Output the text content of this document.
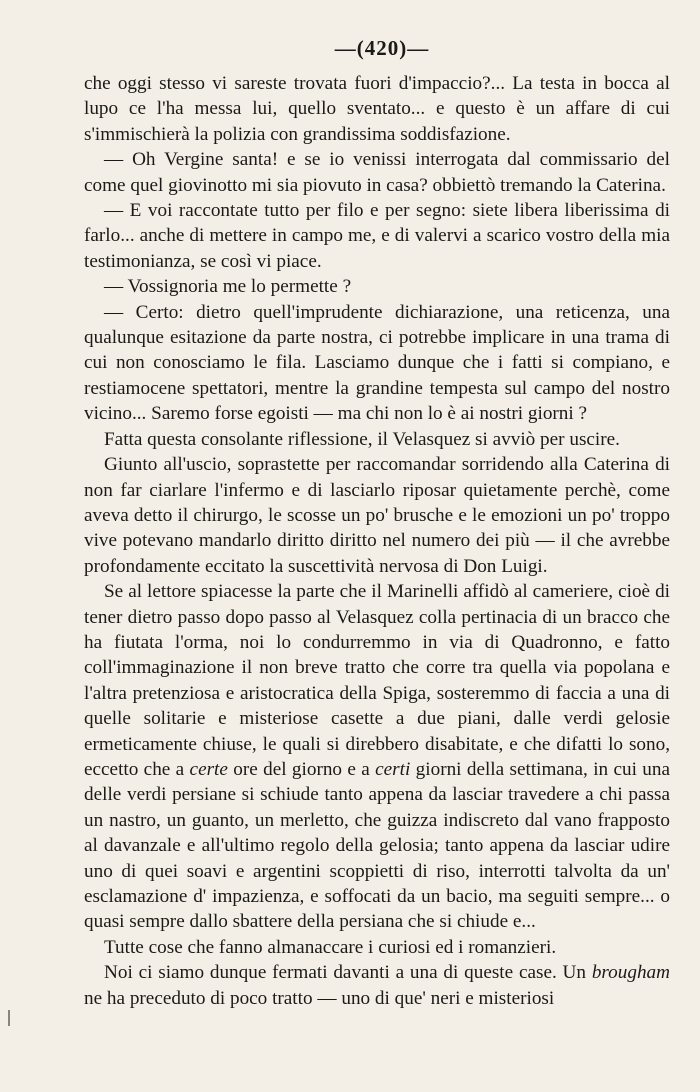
—(420)—

che oggi stesso vi sareste trovata fuori d'impaccio?... La testa in bocca al lupo ce l'ha messa lui, quello sventato... e questo è un affare di cui s'immischierà la polizia con grandissima soddisfazione.

— Oh Vergine santa! e se io venissi interrogata dal commissario del come quel giovinotto mi sia piovuto in casa? obbiettò tremando la Caterina.

— E voi raccontate tutto per filo e per segno: siete libera liberissima di farlo... anche di mettere in campo me, e di valervi a scarico vostro della mia testimonianza, se così vi piace.

— Vossignoria me lo permette ?

— Certo: dietro quell'imprudente dichiarazione, una reticenza, una qualunque esitazione da parte nostra, ci potrebbe implicare in una trama di cui non conosciamo le fila. Lasciamo dunque che i fatti si compiano, e restiamocene spettatori, mentre la grandine tempesta sul campo del nostro vicino... Saremo forse egoisti — ma chi non lo è ai nostri giorni ?

Fatta questa consolante riflessione, il Velasquez si avviò per uscire.

Giunto all'uscio, soprastette per raccomandar sorridendo alla Caterina di non far ciarlare l'infermo e di lasciarlo riposar quietamente perchè, come aveva detto il chirurgo, le scosse un po' brusche e le emozioni un po' troppo vive potevano mandarlo diritto diritto nel numero dei più — il che avrebbe profondamente eccitato la suscettività nervosa di Don Luigi.

Se al lettore spiacesse la parte che il Marinelli affidò al cameriere, cioè di tener dietro passo dopo passo al Velasquez colla pertinacia di un bracco che ha fiutata l'orma, noi lo condurremmo in via di Quadronno, e fatto coll'immaginazione il non breve tratto che corre tra quella via popolana e l'altra pretenziosa e aristocratica della Spiga, sosteremmo di faccia a una di quelle solitarie e misteriose casette a due piani, dalle verdi gelosie ermeticamente chiuse, le quali si direbbero disabitate, e che difatti lo sono, eccetto che a certe ore del giorno e a certi giorni della settimana, in cui una delle verdi persiane si schiude tanto appena da lasciar travedere a chi passa un nastro, un guanto, un merletto, che guizza indiscreto dal vano frapposto al davanzale e all'ultimo regolo della gelosia; tanto appena da lasciar udire uno di quei soavi e argentini scoppietti di riso, interrotti talvolta da un' esclamazione d' impazienza, e soffocati da un bacio, ma seguiti sempre... o quasi sempre dallo sbattere della persiana che si chiude e...

Tutte cose che fanno almanaccare i curiosi ed i romanzieri.

Noi ci siamo dunque fermati davanti a una di queste case. Un brougham ne ha preceduto di poco tratto — uno di que' neri e misteriosi
